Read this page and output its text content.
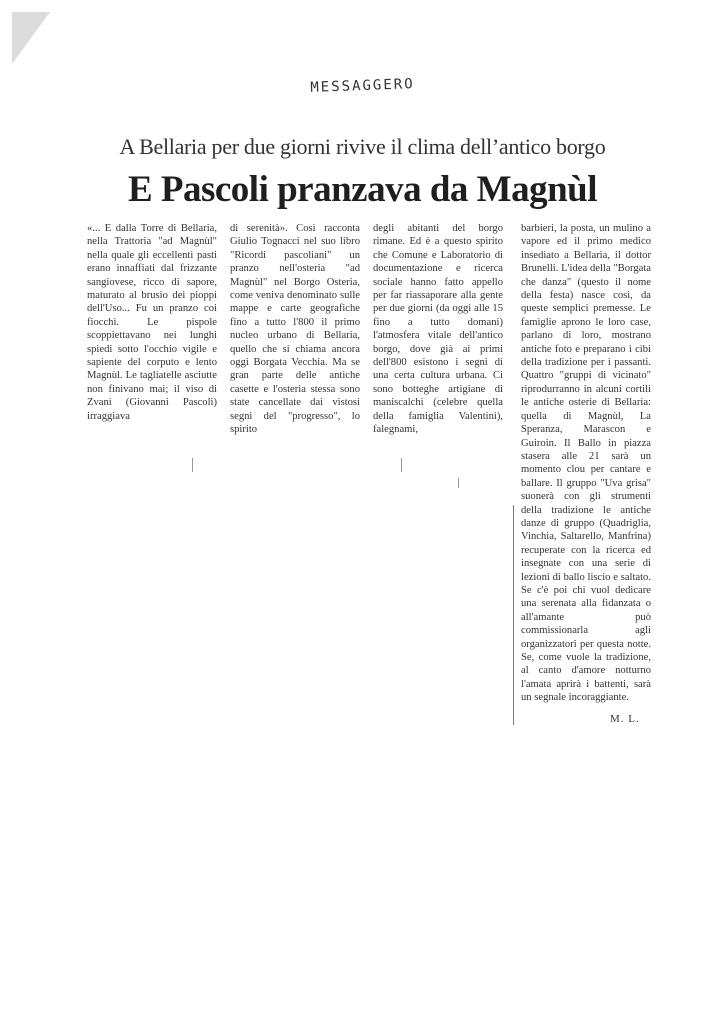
MESSAGGERO
A Bellaria per due giorni rivive il clima dell’antico borgo
E Pascoli pranzava da Magnùl
«... E dalla Torre di Bellaria, nella Trattoria "ad Magnùl" nella quale gli eccellenti pasti erano innaffiati dal frizzante sangiovese, ricco di sapore, maturato al brusio dei pioppi dell'Uso... Fu un pranzo coi fiocchi. Le pispole scoppiettavano nei lunghi spiedi sotto l'occhio vigile e sapiente del corputo e lento Magnùl. Le tagliatelle asciutte non finivano mai; il viso di Zvanì (Giovanni Pascoli) irraggiava
di serenità». Così racconta Giulio Tognacci nel suo libro "Ricordi pascoliani" un pranzo nell'osteria "ad Magnùl" nel Borgo Osteria, come veniva denominato sulle mappe e carte geografiche fino a tutto l'800 il primo nucleo urbano di Bellaria, quello che si chiama ancora oggi Borgata Vecchia. Ma se gran parte delle antiche casette e l'osteria stessa sono state cancellate dai vistosi segni del "progresso", lo spirito
degli abitanti del borgo rimane. Ed è a questo spirito che Comune e Laboratorio di documentazione e ricerca sociale hanno fatto appello per far riassaporare alla gente per due giorni (da oggi alle 15 fino a tutto domani) l'atmosfera vitale dell'antico borgo, dove già ai primi dell'800 esistono i segni di una certa cultura urbana. Ci sono botteghe artigiane di maniscalchi (celebre quella della famiglia Valentini), falegnami,
barbieri, la posta, un mulino a vapore ed il primo medico insediato a Bellaria, il dottor Brunelli. L'idea della "Borgata che danza" (questo il nome della festa) nasce così, da queste semplici premesse. Le famiglie aprono le loro case, parlano di loro, mostrano antiche foto e preparano i cibi della tradizione per i passanti. Quattro "gruppi di vicinato" riprodurranno in alcuni cortili le antiche osterie di Bellaria: quella di Magnùl, La Speranza, Marascon e Guiroin. Il Ballo in piazza stasera alle 21 sarà un momento clou per cantare e ballare. Il gruppo "Uva grisa" suonerà con gli strumenti della tradizione le antiche danze di gruppo (Quadriglia, Vinchia, Saltarello, Manfrina) recuperate con la ricerca ed insegnate con una serie di lezioni di ballo liscio e saltato. Se c'è poi chi vuol dedicare una serenata alla fidanzata o all'amante può commissionarla agli organizzatori per questa notte. Se, come vuole la tradizione, al canto d'amore notturno l'amata aprirà i battenti, sarà un segnale incoraggiante.
M. L.
